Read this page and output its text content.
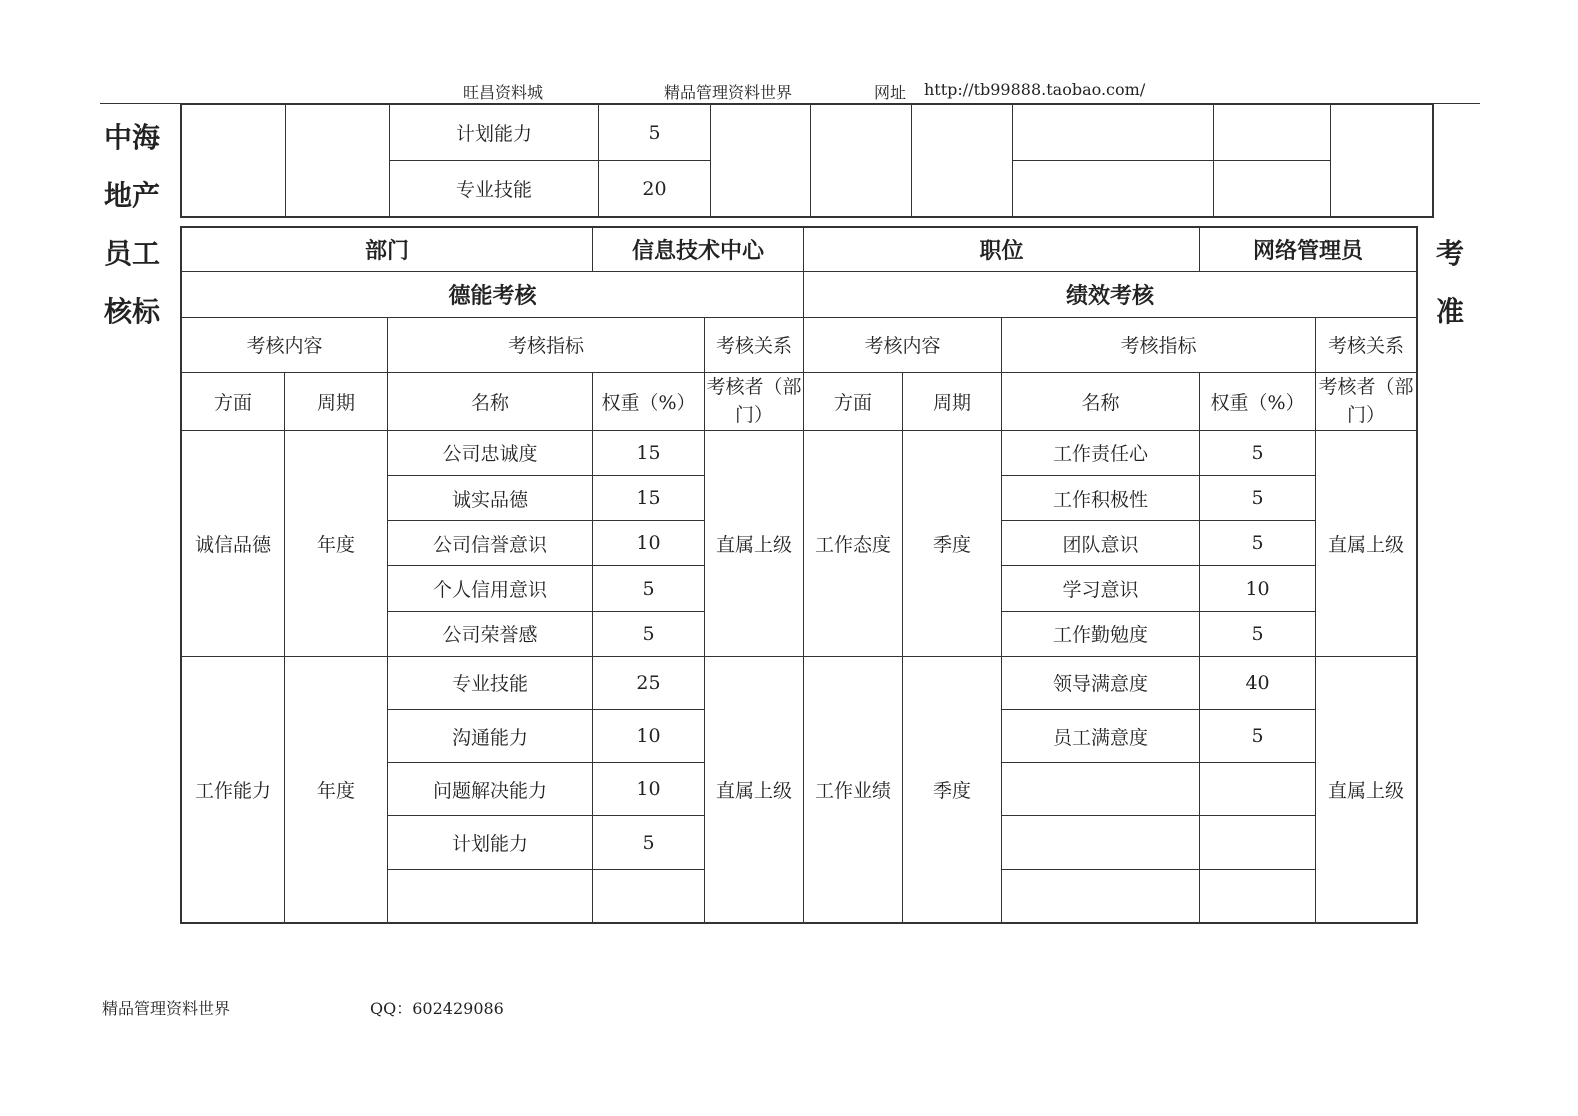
旺昌资料城	精品管理资料世界	网址 http://tb99888.taobao.com/
中海
地产
员工
核标
考
准
		计划能力	5						
		专业技能	20						
部门			信息技术中心		职位			网络管理员	
德能考核					绩效考核				
考核内容		考核指标		考核关系	考核内容		考核指标		考核关系
方面	周期	名称	权重（%）	考核者（部门）	方面	周期	名称	权重（%）	考核者（部门）
诚信品德	年度	公司忠诚度	15	直属上级	工作态度	季度	工作责任心	5	直属上级
		诚实品德	15				工作积极性	5	
		公司信誉意识	10				团队意识	5	
		个人信用意识	5				学习意识	10	
		公司荣誉感	5				工作勤勉度	5	
工作能力	年度	专业技能	25	直属上级	工作业绩	季度	领导满意度	40	直属上级
		沟通能力	10				员工满意度	5	
		问题解决能力	10						
		计划能力	5						

精品管理资料世界	QQ：602429086
